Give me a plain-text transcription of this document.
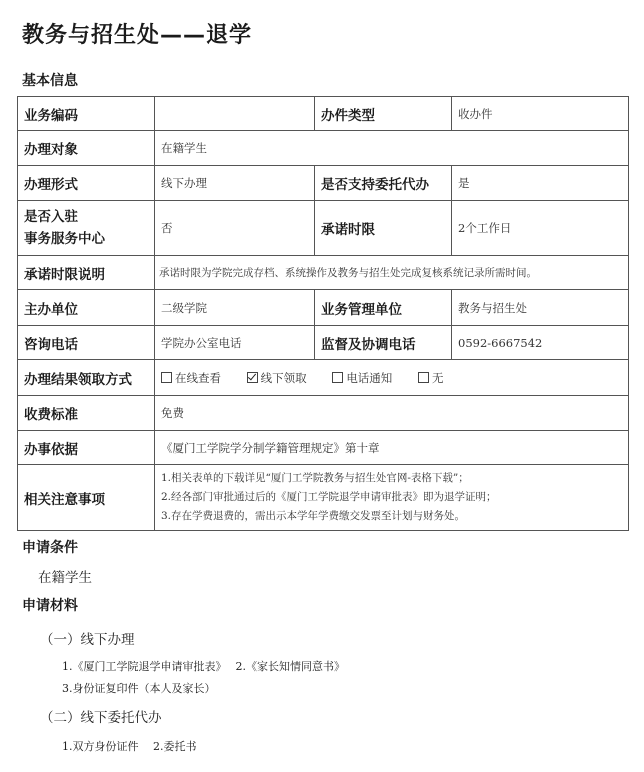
教务与招生处——退学
基本信息
业务编码		办件类型	收办件
办理对象	在籍学生		
办理形式	线下办理	是否支持委托代办	是
是否入驻
事务服务中心	否	承诺时限	2个工作日
承诺时限说明	承诺时限为学院完成存档、系统操作及教务与招生处完成复核系统记录所需时间。		
主办单位	二级学院	业务管理单位	教务与招生处
咨询电话	学院办公室电话	监督及协调电话	0592-6667542
办理结果领取方式	在线查看 线下领取 电话通知 无		
收费标准	免费		
办事依据	《厦门工学院学分制学籍管理规定》第十章		
相关注意事项	1.相关表单的下载详见“厦门工学院教务与招生处官网-表格下载”；
2.经各部门审批通过后的《厦门工学院退学申请审批表》即为退学证明；
3.存在学费退费的，需出示本学年学费缴交发票至计划与财务处。		
申请条件
在籍学生
申请材料
（一）线下办理
1.《厦门工学院退学申请审批表》　 2.《家长知情同意书》
3.身份证复印件（本人及家长）
（二）线下委托代办
1.双方身份证件　 2.委托书
